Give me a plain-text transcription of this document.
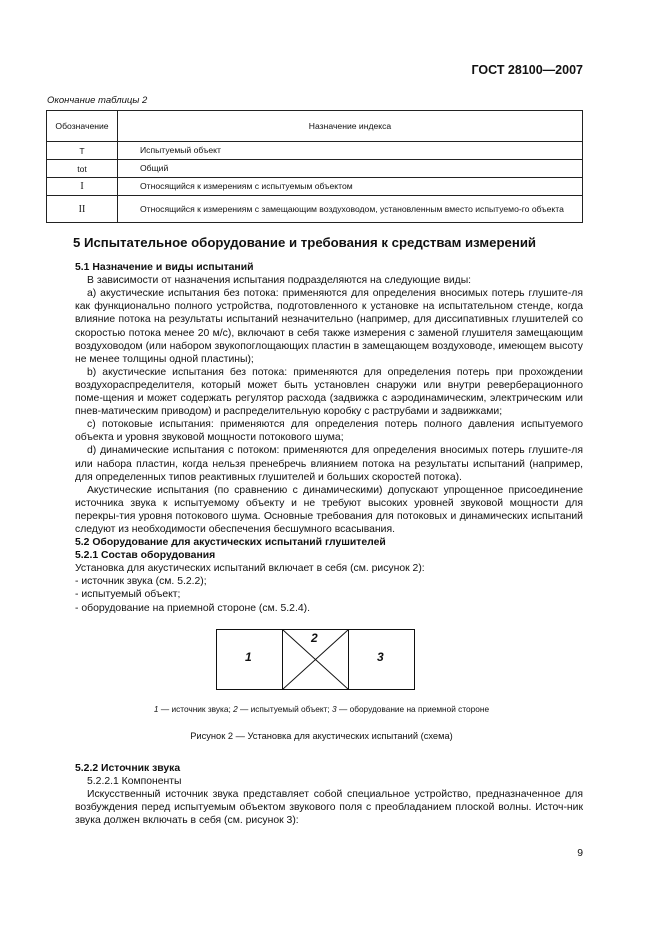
ГОСТ 28100—2007
Окончание таблицы 2
Обозначение	Назначение индекса
T	Испытуемый объект

tot	Общий

I	Относящийся к измерениям с испытуемым объектом

II	Относящийся к измерениям с замещающим воздуховодом, установленным вместо испытуемо-го объекта
5 Испытательное оборудование и требования к средствам измерений

5.1 Назначение и виды испытаний

В зависимости от назначения испытания подразделяются на следующие виды:

а) акустические испытания без потока: применяются для определения вносимых потерь глушите-ля как функционально полного устройства, подготовленного к установке на испытательном стенде, когда влияние потока на результаты испытаний незначительно (например, для диссипативных глушителей со скоростью потока менее 20 м/с), включают в себя также измерения с заменой глушителя замещающим воздуховодом (или набором звукопоглощающих пластин в замещающем воздуховоде, имеющем высоту не менее толщины одной пластины);

b) акустические испытания без потока: применяются для определения потерь при прохождении воздухораспределителя, который может быть установлен снаружи или внутри реверберационного поме-щения и может содержать регулятор расхода (задвижка с аэродинамическим, электрическим или пнев-матическим приводом) и распределительную коробку с раструбами и задвижками;

c) потоковые испытания: применяются для определения потерь полного давления испытуемого объекта и уровня звуковой мощности потокового шума;

d) динамические испытания с потоком: применяются для определения вносимых потерь глушите-ля или набора пластин, когда нельзя пренебречь влиянием потока на результаты испытаний (например, для определенных типов реактивных глушителей и больших скоростей потока).

Акустические испытания (по сравнению с динамическими) допускают упрощенное присоединение источника звука к испытуемому объекту и не требуют высоких уровней звуковой мощности для перекры-тия уровня потокового шума. Основные требования для потоковых и динамических испытаний следуют из необходимости обеспечения бесшумного всасывания.

5.2 Оборудование для акустических испытаний глушителей

5.2.1 Состав оборудования

Установка для акустических испытаний включает в себя (см. рисунок 2):

- источник звука (см. 5.2.2);

- испытуемый объект;

- оборудование на приемной стороне (см. 5.2.4).

1
2
3
1 — источник звука; 2 — испытуемый объект; 3 — оборудование на приемной стороне
Рисунок 2 — Установка для акустических испытаний (схема)

5.2.2 Источник звука

5.2.2.1 Компоненты

Искусственный источник звука представляет собой специальное устройство, предназначенное для возбуждения перед испытуемым объектом звукового поля с преобладанием плоской волны. Источ-ник звука должен включать в себя (см. рисунок 3):

9
